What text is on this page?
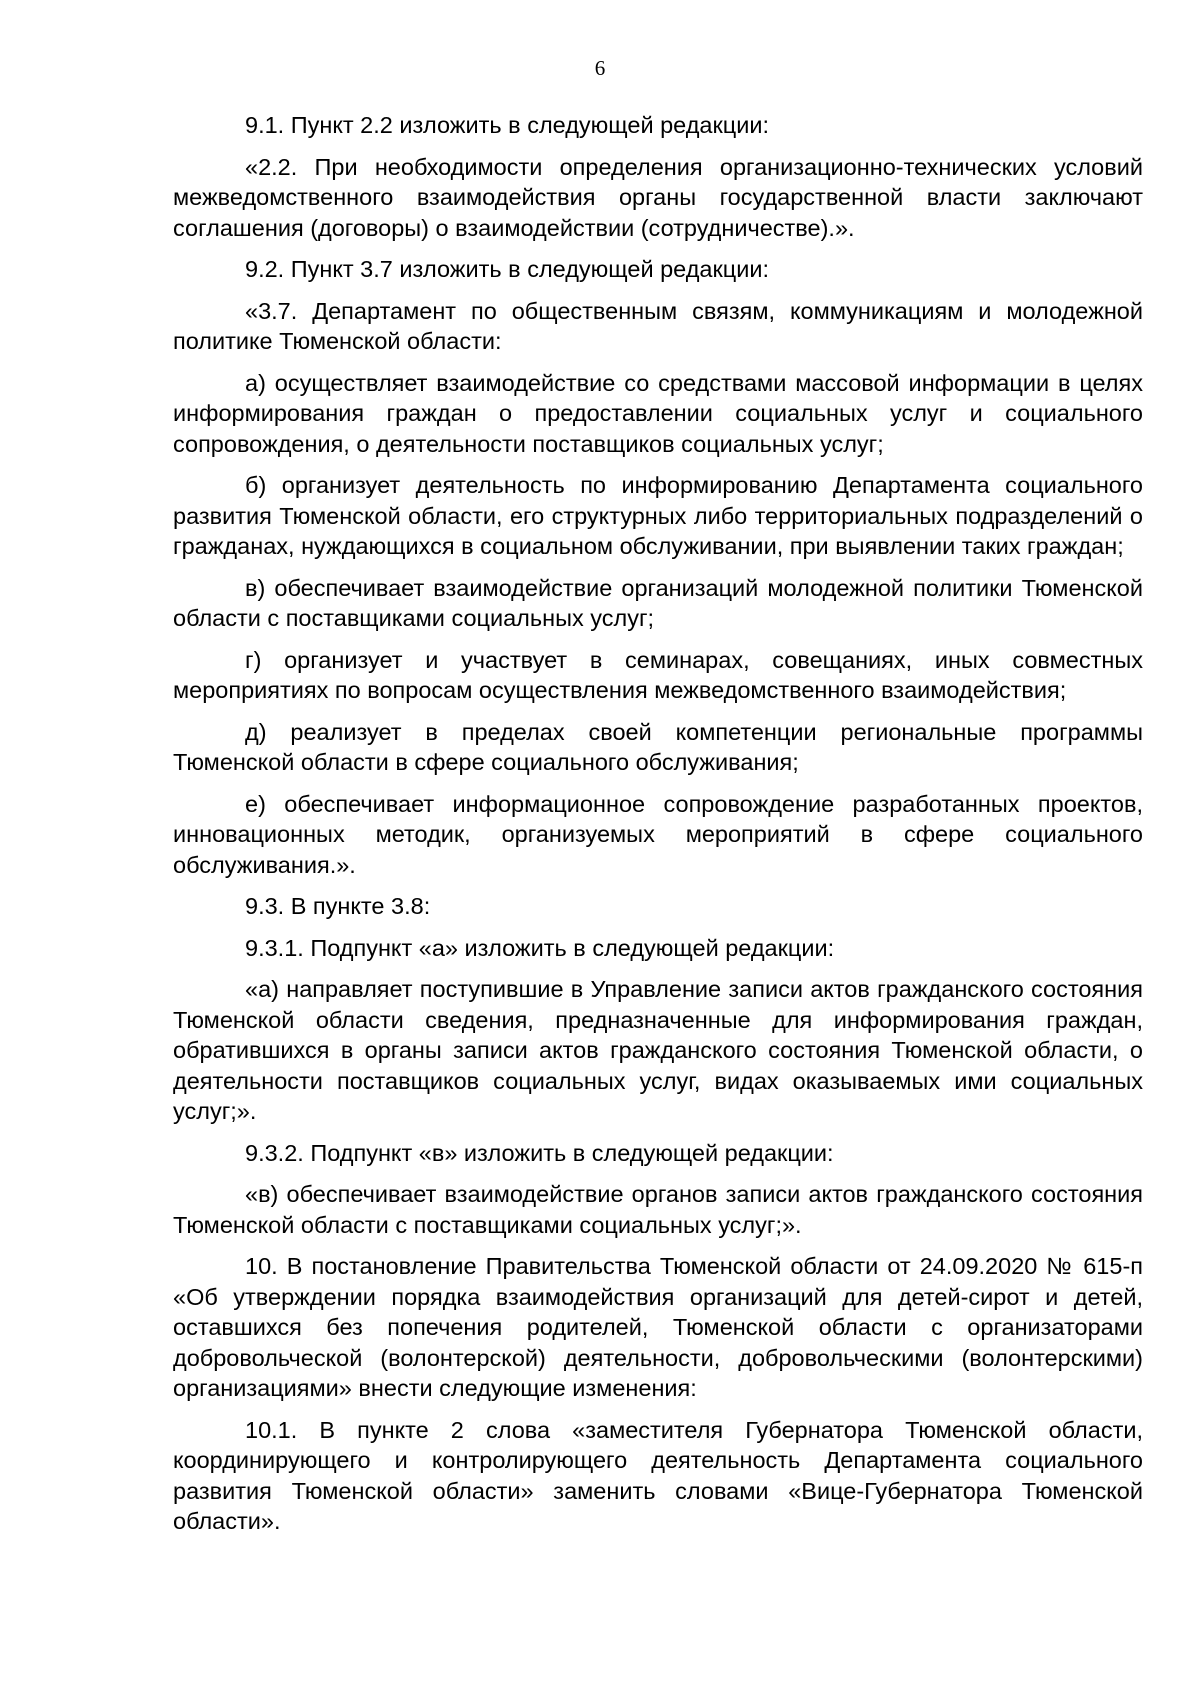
6

9.1. Пункт 2.2 изложить в следующей редакции:

«2.2. При необходимости определения организационно-технических условий межведомственного взаимодействия органы государственной власти заключают соглашения (договоры) о взаимодействии (сотрудничестве).».

9.2. Пункт 3.7 изложить в следующей редакции:

«3.7. Департамент по общественным связям, коммуникациям и молодежной политике Тюменской области:

а) осуществляет взаимодействие со средствами массовой информации в целях информирования граждан о предоставлении социальных услуг и социального сопровождения, о деятельности поставщиков социальных услуг;

б) организует деятельность по информированию Департамента социального развития Тюменской области, его структурных либо территориальных подразделений о гражданах, нуждающихся в социальном обслуживании, при выявлении таких граждан;

в) обеспечивает взаимодействие организаций молодежной политики Тюменской области с поставщиками социальных услуг;

г) организует и участвует в семинарах, совещаниях, иных совместных мероприятиях по вопросам осуществления межведомственного взаимодействия;

д) реализует в пределах своей компетенции региональные программы Тюменской области в сфере социального обслуживания;

е) обеспечивает информационное сопровождение разработанных проектов, инновационных методик, организуемых мероприятий в сфере социального обслуживания.».

9.3. В пункте 3.8:

9.3.1. Подпункт «а» изложить в следующей редакции:

«а) направляет поступившие в Управление записи актов гражданского состояния Тюменской области сведения, предназначенные для информирования граждан, обратившихся в органы записи актов гражданского состояния Тюменской области, о деятельности поставщиков социальных услуг, видах оказываемых ими социальных услуг;».

9.3.2. Подпункт «в» изложить в следующей редакции:

«в) обеспечивает взаимодействие органов записи актов гражданского состояния Тюменской области с поставщиками социальных услуг;».

10. В постановление Правительства Тюменской области от 24.09.2020 № 615-п «Об утверждении порядка взаимодействия организаций для детей-сирот и детей, оставшихся без попечения родителей, Тюменской области с организаторами добровольческой (волонтерской) деятельности, добровольческими (волонтерскими) организациями» внести следующие изменения:

10.1. В пункте 2 слова «заместителя Губернатора Тюменской области, координирующего и контролирующего деятельность Департамента социального развития Тюменской области» заменить словами «Вице-Губернатора Тюменской области».
